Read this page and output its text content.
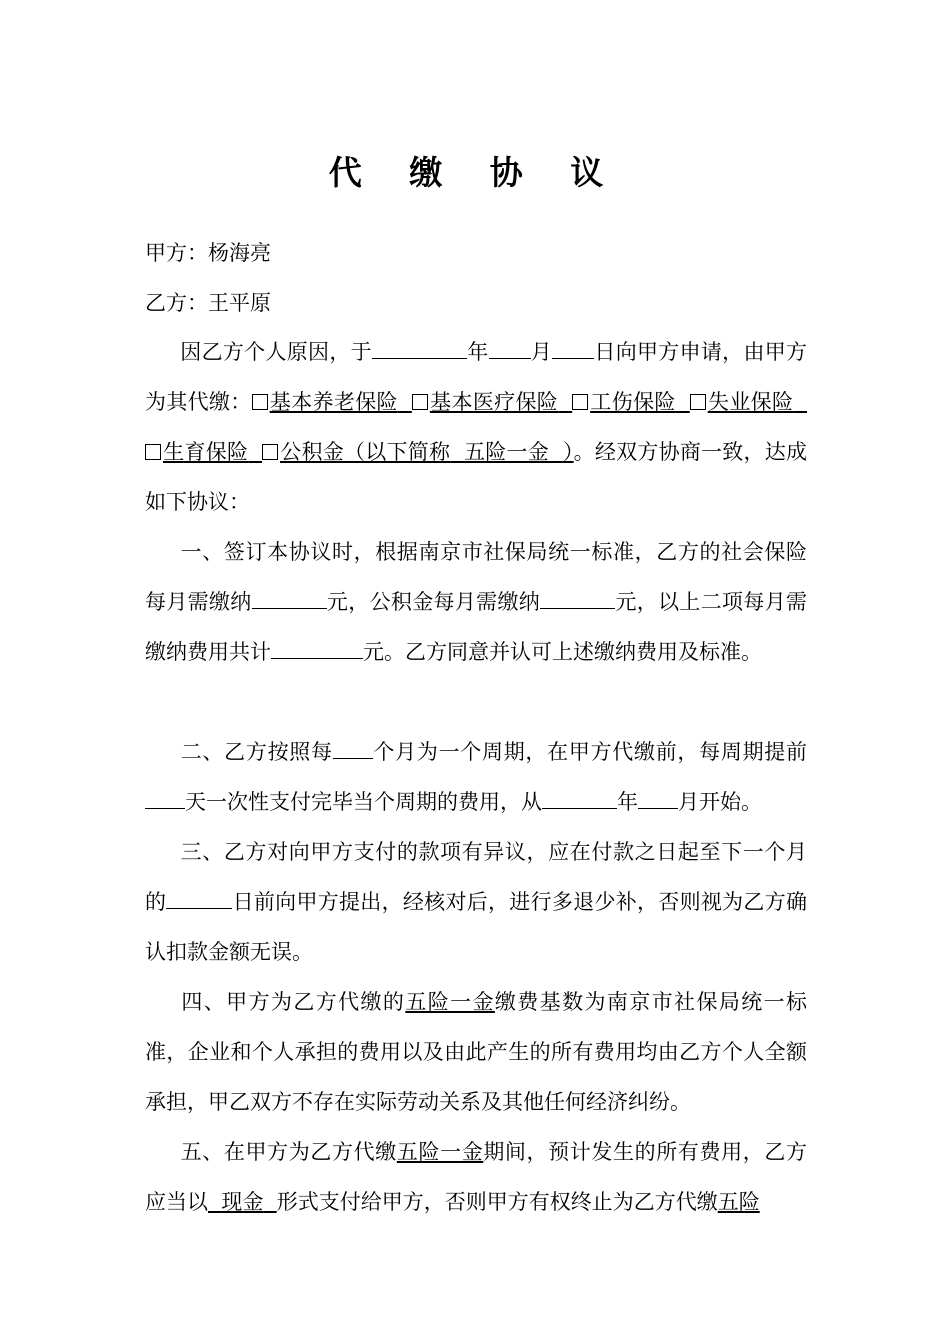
代 缴 协 议
甲方：杨海亮
乙方：王平原

因乙方个人原因，于	年 月 日向甲方申请，由甲方为其代缴： 基本养老保险 基本医疗保险 工伤保险 失业保险  生育保险 公积金（以下简称 五险一金 ）。经双方协商一致，达成如下协议：

一、签订本协议时，根据南京市社保局统一标准，乙方的社会保险每月需缴纳	元，公积金每月需缴纳	元，以上二项每月需缴纳费用共计	元。乙方同意并认可上述缴纳费用及标准。

二、乙方按照每 个月为一个周期，在甲方代缴前，每周期提前天一次性支付完毕当个周期的费用，从	年 月开始。

三、乙方对向甲方支付的款项有异议，应在付款之日起至下一个月的	日前向甲方提出，经核对后，进行多退少补，否则视为乙方确认扣款金额无误。

四、甲方为乙方代缴的五险一金缴费基数为南京市社保局统一标准，企业和个人承担的费用以及由此产生的所有费用均由乙方个人全额承担，甲乙双方不存在实际劳动关系及其他任何经济纠纷。

五、在甲方为乙方代缴五险一金期间，预计发生的所有费用，乙方应当以 现金 形式支付给甲方，否则甲方有权终止为乙方代缴五险
